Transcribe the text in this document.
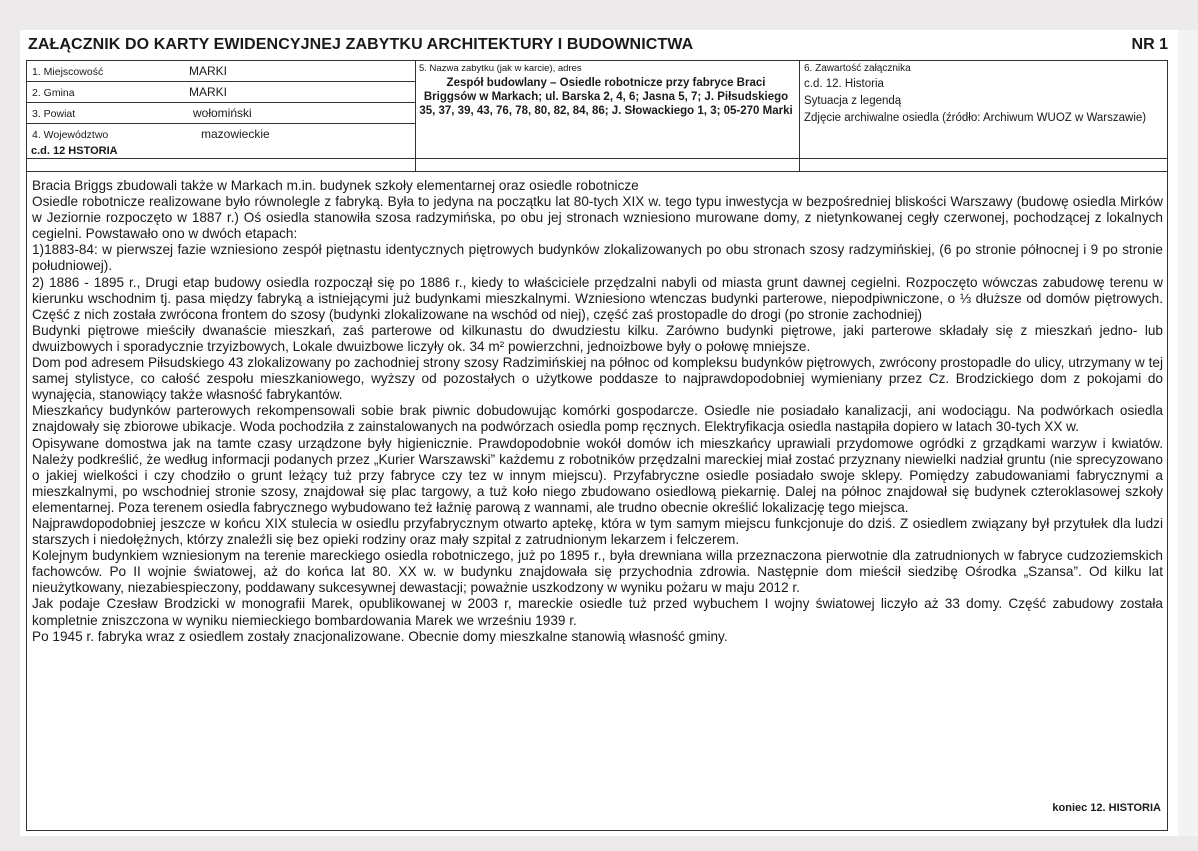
ZAŁĄCZNIK DO KARTY EWIDENCYJNEJ ZABYTKU ARCHITEKTURY I BUDOWNICTWA	NR 1
1. Miejscowość	MARKI
2. Gmina	MARKI
3. Powiat	wołomiński
4. Województwo	mazowieckie
5. Nazwa zabytku (jak w karcie), adres
Zespół budowlany – Osiedle robotnicze przy fabryce Braci Briggsów w Markach; ul. Barska 2, 4, 6; Jasna 5, 7; J. Piłsudskiego 35, 37, 39, 43, 76, 78, 80, 82, 84, 86; J. Słowackiego 1, 3; 05-270 Marki
6. Zawartość załącznika
c.d. 12. Historia
Sytuacja z legendą
Zdjęcie archiwalne osiedla (źródło: Archiwum WUOZ w Warszawie)
c.d. 12 HSTORIA

Bracia Briggs zbudowali także w Markach m.in. budynek szkoły elementarnej oraz osiedle robotnicze

Osiedle robotnicze realizowane było równolegle z fabryką. Była to jedyna na początku lat 80-tych XIX w. tego typu inwestycja w bezpośredniej bliskości Warszawy (budowę osiedla Mirków w Jeziornie rozpoczęto w 1887 r.) Oś osiedla stanowiła szosa radzymińska, po obu jej stronach wzniesiono murowane domy, z nietynkowanej cegły czerwonej, pochodzącej z lokalnych cegielni. Powstawało ono w dwóch etapach:

1)1883-84: w pierwszej fazie wzniesiono zespół piętnastu identycznych piętrowych budynków zlokalizowanych po obu stronach szosy radzymińskiej, (6 po stronie północnej i 9 po stronie południowej).

2) 1886 - 1895 r., Drugi etap budowy osiedla rozpoczął się po 1886 r., kiedy to właściciele przędzalni nabyli od miasta grunt dawnej cegielni. Rozpoczęto wówczas zabudowę terenu w kierunku wschodnim tj. pasa między fabryką a istniejącymi już budynkami mieszkalnymi. Wzniesiono wtenczas budynki parterowe, niepodpiwniczone, o ⅓ dłuższe od domów piętrowych. Część z nich została zwrócona frontem do szosy (budynki zlokalizowane na wschód od niej), część zaś prostopadle do drogi (po stronie zachodniej)

Budynki piętrowe mieściły dwanaście mieszkań, zaś parterowe od kilkunastu do dwudziestu kilku. Zarówno budynki piętrowe, jaki parterowe składały się z mieszkań jedno- lub dwuizbowych i sporadycznie trzyizbowych, Lokale dwuizbowe liczyły ok. 34 m² powierzchni, jednoizbowe były o połowę mniejsze.

Dom pod adresem Piłsudskiego 43 zlokalizowany po zachodniej strony szosy Radzimińskiej na północ od kompleksu budynków piętrowych, zwrócony prostopadle do ulicy, utrzymany w tej samej stylistyce, co całość zespołu mieszkaniowego, wyższy od pozostałych o użytkowe poddasze to najprawdopodobniej wymieniany przez Cz. Brodzickiego dom z pokojami do wynajęcia, stanowiący także własność fabrykantów.

Mieszkańcy budynków parterowych rekompensowali sobie brak piwnic dobudowując komórki gospodarcze. Osiedle nie posiadało kanalizacji, ani wodociągu. Na podwórkach osiedla znajdowały się zbiorowe ubikacje. Woda pochodziła z zainstalowanych na podwórzach osiedla pomp ręcznych. Elektryfikacja osiedla nastąpiła dopiero w latach 30-tych XX w.

Opisywane domostwa jak na tamte czasy urządzone były higienicznie. Prawdopodobnie wokół domów ich mieszkańcy uprawiali przydomowe ogródki z grządkami warzyw i kwiatów. Należy podkreślić, że według informacji podanych przez „Kurier Warszawski” każdemu z robotników przędzalni mareckiej miał zostać przyznany niewielki nadział gruntu (nie sprecyzowano o jakiej wielkości i czy chodziło o grunt leżący tuż przy fabryce czy tez w innym miejscu). Przyfabryczne osiedle posiadało swoje sklepy. Pomiędzy zabudowaniami fabrycznymi a mieszkalnymi, po wschodniej stronie szosy, znajdował się plac targowy, a tuż koło niego zbudowano osiedlową piekarnię. Dalej na północ znajdował się budynek czteroklasowej szkoły elementarnej. Poza terenem osiedla fabrycznego wybudowano też łaźnię parową z wannami, ale trudno obecnie określić lokalizację tego miejsca.

Najprawdopodobniej jeszcze w końcu XIX stulecia w osiedlu przyfabrycznym otwarto aptekę, która w tym samym miejscu funkcjonuje do dziś. Z osiedlem związany był przytułek dla ludzi starszych i niedołężnych, którzy znaleźli się bez opieki rodziny oraz mały szpital z zatrudnionym lekarzem i felczerem.

Kolejnym budynkiem wzniesionym na terenie mareckiego osiedla robotniczego, już po 1895 r., była drewniana willa przeznaczona pierwotnie dla zatrudnionych w fabryce cudzoziemskich fachowców. Po II wojnie światowej, aż do końca lat 80. XX w. w budynku znajdowała się przychodnia zdrowia. Następnie dom mieścił siedzibę Ośrodka „Szansa”. Od kilku lat nieużytkowany, niezabiespieczony, poddawany sukcesywnej dewastacji; poważnie uszkodzony w wyniku pożaru w maju 2012 r.

Jak podaje Czesław Brodzicki w monografii Marek, opublikowanej w 2003 r, mareckie osiedle tuż przed wybuchem I wojny światowej liczyło aż 33 domy. Część zabudowy została kompletnie zniszczona w wyniku niemieckiego bombardowania Marek we wrześniu 1939 r.

Po 1945 r. fabryka wraz z osiedlem zostały znacjonalizowane. Obecnie domy mieszkalne stanowią własność gminy.

koniec 12. HISTORIA
